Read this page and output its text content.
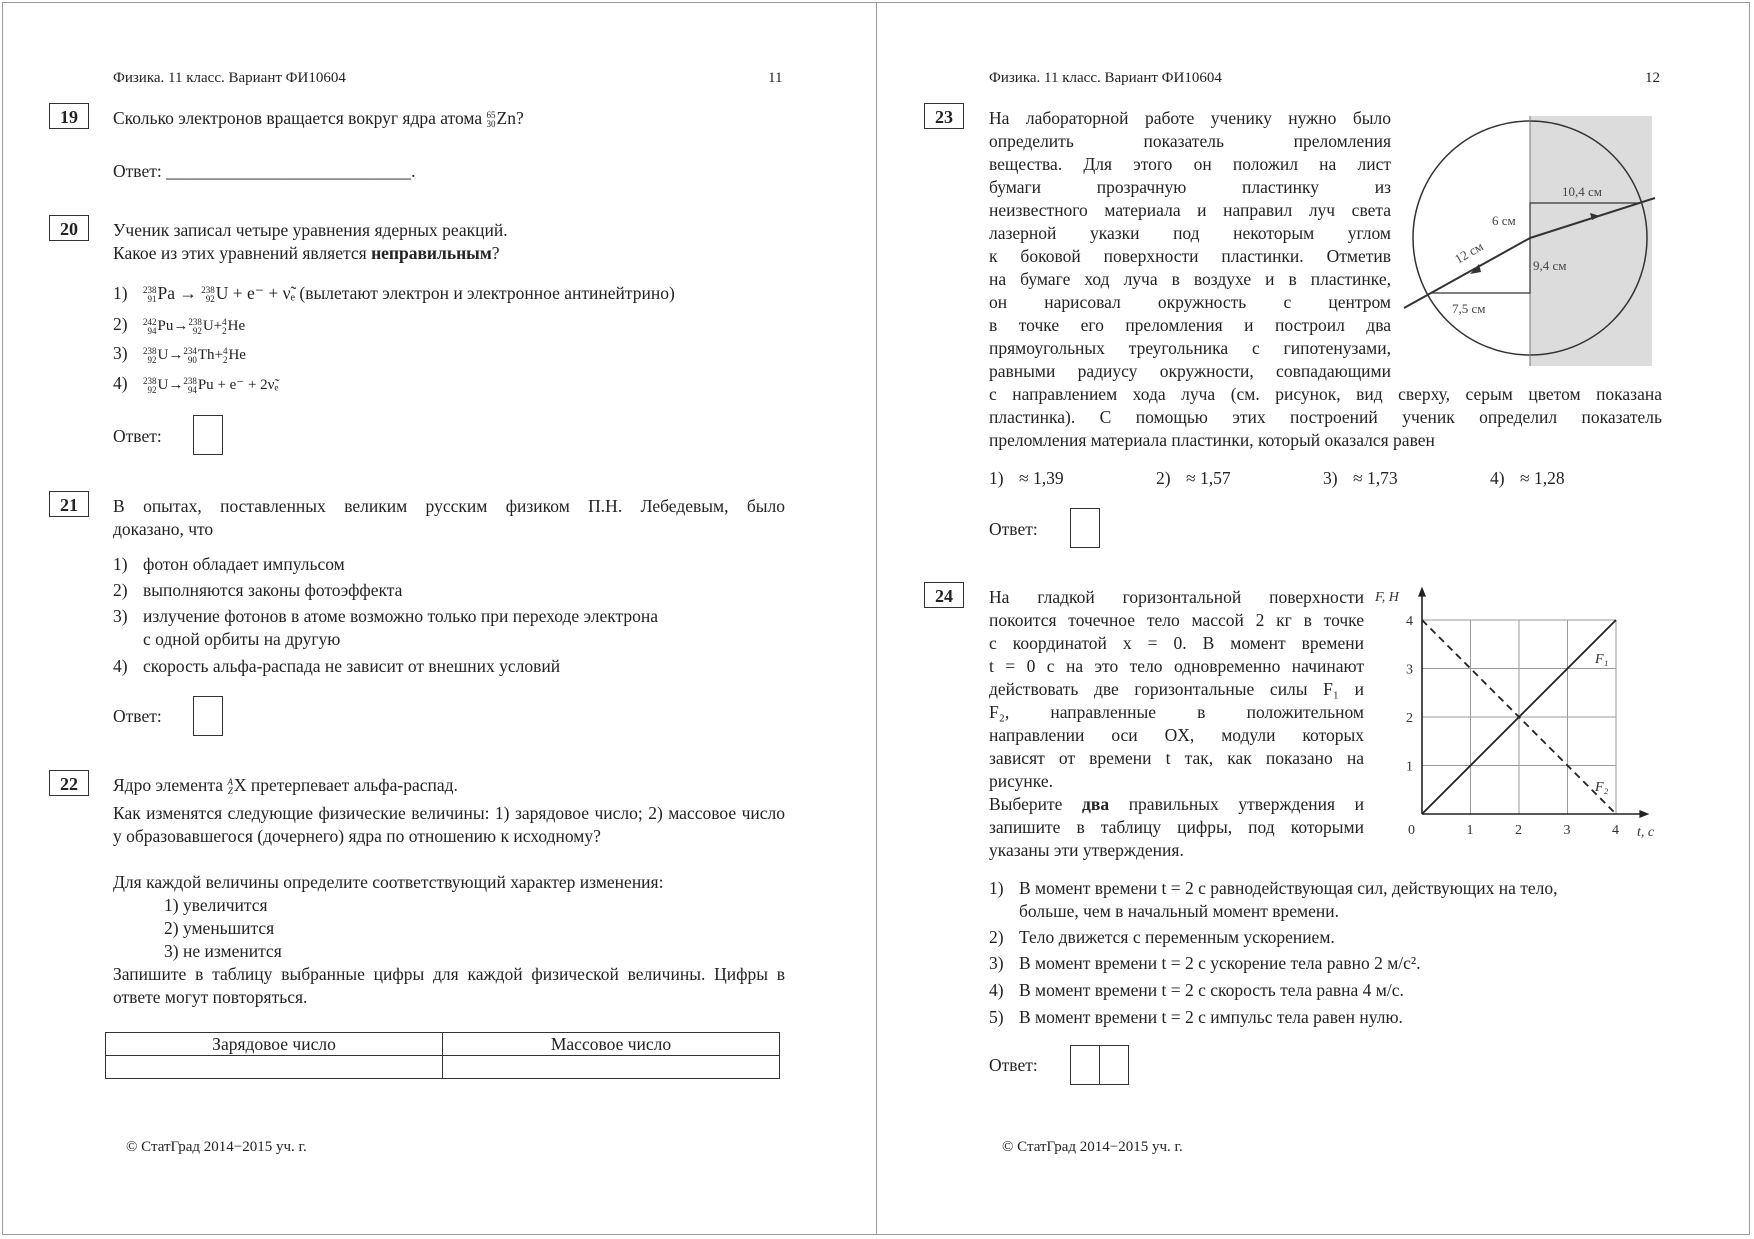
Физика. 11 класс. Вариант ФИ10604	11
19	Сколько электронов вращается вокруг ядра атома 65
30Zn?
Ответ: ____________________________.
20	Ученик записал четыре уравнения ядерных реакций.
Какое из этих уравнений является неправильным?
1) 238
91Pa → 238
92U + e⁻ + ν̃ₑ (вылетают электрон и электронное антинейтрино)
2) 242
94Pu→238
92U+4
2He
3) 238
92U→234
90Th+4
2He
4) 238
92U→238
94Pu + e⁻ + 2ν̃ₑ
Ответ:
21	В опытах, поставленных великим русским физиком П.Н. Лебедевым, было
доказано, что
1) фотон обладает импульсом
2) выполняются законы фотоэффекта
3) излучение фотонов в атоме возможно только при переходе электрона
с одной орбиты на другую
4) скорость альфа-распада не зависит от внешних условий
Ответ:
22	Ядро элемента A
ZX претерпевает альфа-распад.
Как изменятся следующие физические величины: 1) зарядовое число; 2) массовое число у образовавшегося (дочернего) ядра по отношению к исходному?
Для каждой величины определите соответствующий характер изменения:
1) увеличится
2) уменьшится
3) не изменится
Запишите в таблицу выбранные цифры для каждой физической величины. Цифры в ответе могут повторяться.
Зарядовое число	Массовое число

© СтатГрад 2014−2015 уч. г.
Физика. 11 класс. Вариант ФИ10604	12
23	На лабораторной работе ученику нужно было
определить показатель преломления
вещества. Для этого он положил на лист
бумаги прозрачную пластинку из
неизвестного материала и направил луч света
лазерной указки под некоторым углом
к боковой поверхности пластинки. Отметив
на бумаге ход луча в воздухе и в пластинке,
он нарисовал окружность с центром
в точке его преломления и построил два
прямоугольных треугольника с гипотенузами,
равными радиусу окружности, совпадающими
с направлением хода луча (см. рисунок, вид сверху, серым цветом показана
пластинка). С помощью этих построений ученик определил показатель
преломления материала пластинки, который оказался равен
10,4 см
6 см
12 см	9,4 см
7,5 см
1) ≈ 1,39	2) ≈ 1,57	3) ≈ 1,73	4) ≈ 1,28
Ответ:
24	На гладкой горизонтальной поверхности
покоится точечное тело массой 2 кг в точке
с координатой x = 0. В момент времени
t = 0 с на это тело одновременно начинают
действовать две горизонтальные силы F₁ и
F₂, направленные в положительном
направлении оси OX, модули которых
зависят от времени t так, как показано на
рисунке.
Выберите два правильных утверждения и
запишите в таблицу цифры, под которыми
указаны эти утверждения.
0	1	2	3	4
1
2
3
4
F, Н
t, с
F₁
F₂
1) В момент времени t = 2 с равнодействующая сил, действующих на тело,
больше, чем в начальный момент времени.
2) Тело движется с переменным ускорением.
3) В момент времени t = 2 с ускорение тела равно 2 м/с².
4) В момент времени t = 2 с скорость тела равна 4 м/с.
5) В момент времени t = 2 с импульс тела равен нулю.
Ответ:
© СтатГрад 2014−2015 уч. г.
